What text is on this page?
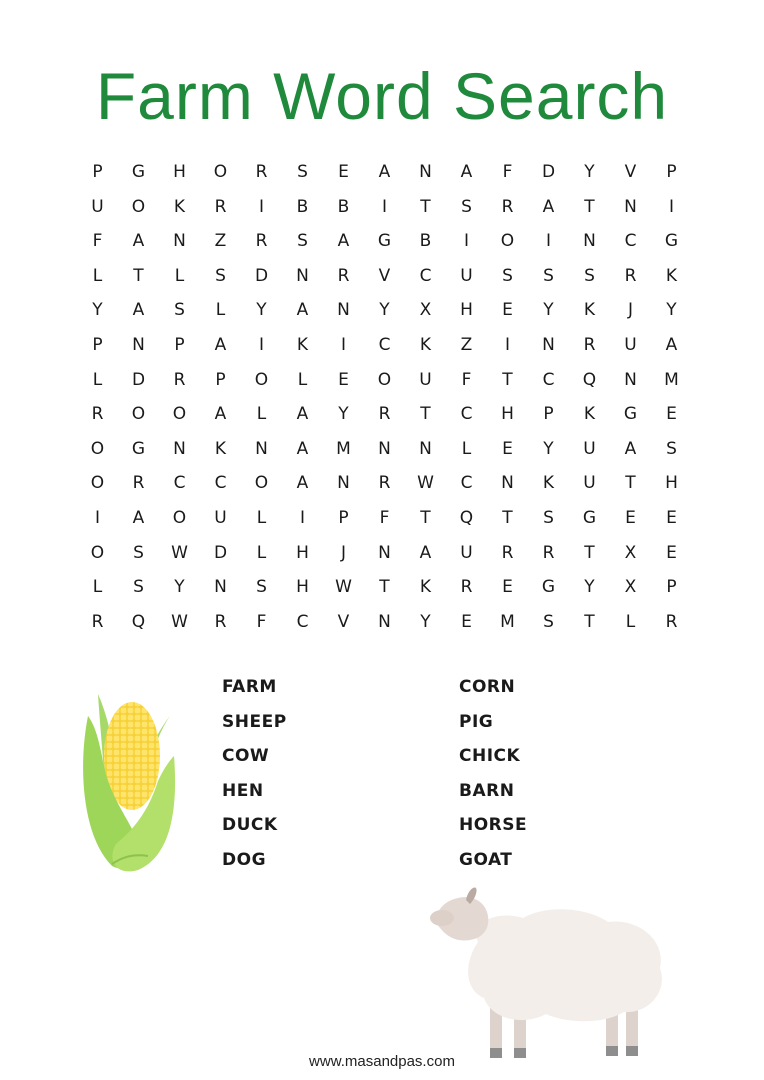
Farm Word Search
P	G	H	O	R	S	E	A	N	A	F	D	Y	V	P
U	O	K	R	I	B	B	I	T	S	R	A	T	N	I
F	A	N	Z	R	S	A	G	B	I	O	I	N	C	G
L	T	L	S	D	N	R	V	C	U	S	S	S	R	K
Y	A	S	L	Y	A	N	Y	X	H	E	Y	K	J	Y
P	N	P	A	I	K	I	C	K	Z	I	N	R	U	A
L	D	R	P	O	L	E	O	U	F	T	C	Q	N	M
R	O	O	A	L	A	Y	R	T	C	H	P	K	G	E
O	G	N	K	N	A	M	N	N	L	E	Y	U	A	S
O	R	C	C	O	A	N	R	W	C	N	K	U	T	H
I	A	O	U	L	I	P	F	T	Q	T	S	G	E	E
O	S	W	D	L	H	J	N	A	U	R	R	T	X	E
L	S	Y	N	S	H	W	T	K	R	E	G	Y	X	P
R	Q	W	R	F	C	V	N	Y	E	M	S	T	L	R
FARM
SHEEP
COW
HEN
DUCK
DOG
CORN
PIG
CHICK
BARN
HORSE
GOAT
www.masandpas.com
